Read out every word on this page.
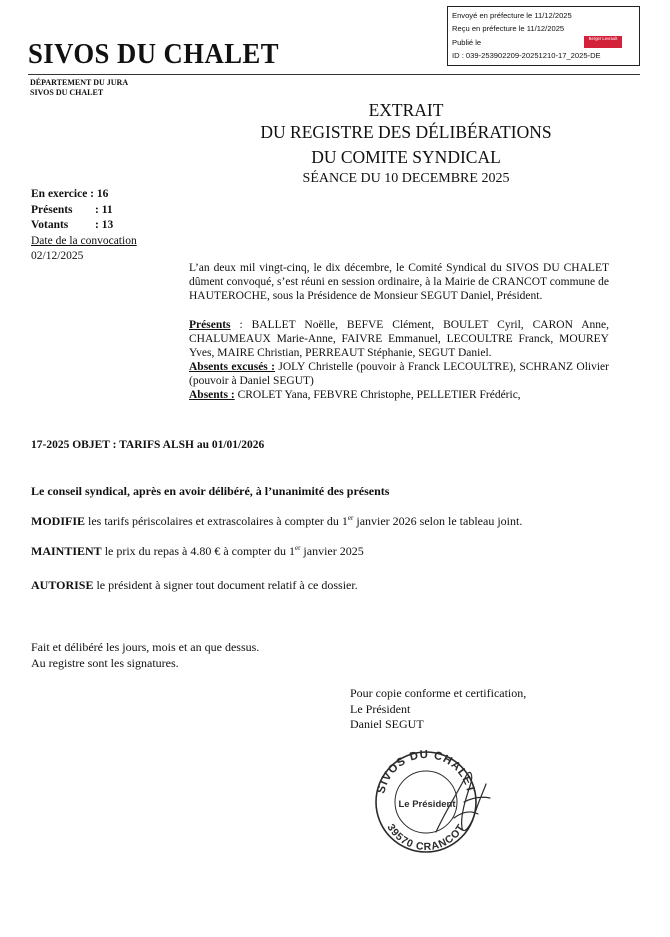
Envoyé en préfecture le 11/12/2025
Reçu en préfecture le 11/12/2025
Publié le
ID : 039-253902209-20251210-17_2025-DE
Berger Levrault
SIVOS DU CHALET
DÉPARTEMENT DU JURA
SIVOS DU CHALET
EXTRAIT
DU REGISTRE DES DÉLIBÉRATIONS
DU COMITE SYNDICAL
SÉANCE DU 10 DECEMBRE 2025
En exercice : 16
Présents : 11
Votants : 13
Date de la convocation
02/12/2025
L’an deux mil vingt-cinq, le dix décembre, le Comité Syndical du SIVOS DU CHALET dûment convoqué, s’est réuni en session ordinaire, à la Mairie de CRANCOT commune de HAUTEROCHE, sous la Présidence de Monsieur SEGUT Daniel, Président.
Présents : BALLET Noëlle, BEFVE Clément, BOULET Cyril, CARON Anne, CHALUMEAUX Marie-Anne, FAIVRE Emmanuel, LECOULTRE Franck, MOUREY Yves, MAIRE Christian, PERREAUT Stéphanie, SEGUT Daniel.
Absents excusés : JOLY Christelle (pouvoir à Franck LECOULTRE), SCHRANZ Olivier (pouvoir à Daniel SEGUT)
Absents : CROLET Yana, FEBVRE Christophe, PELLETIER Frédéric,
17-2025 OBJET : TARIFS ALSH au 01/01/2026
Le conseil syndical, après en avoir délibéré, à l’unanimité des présents
MODIFIE les tarifs périscolaires et extrascolaires à compter du 1er janvier 2026 selon le tableau joint.
MAINTIENT le prix du repas à 4.80 € à compter du 1er janvier 2025
AUTORISE le président à signer tout document relatif à ce dossier.
Fait et délibéré les jours, mois et an que dessus.
Au registre sont les signatures.
Pour copie conforme et certification,
Le Président
Daniel SEGUT
SIVOS DU CHALET
39570 CRANCOT
Le Président
